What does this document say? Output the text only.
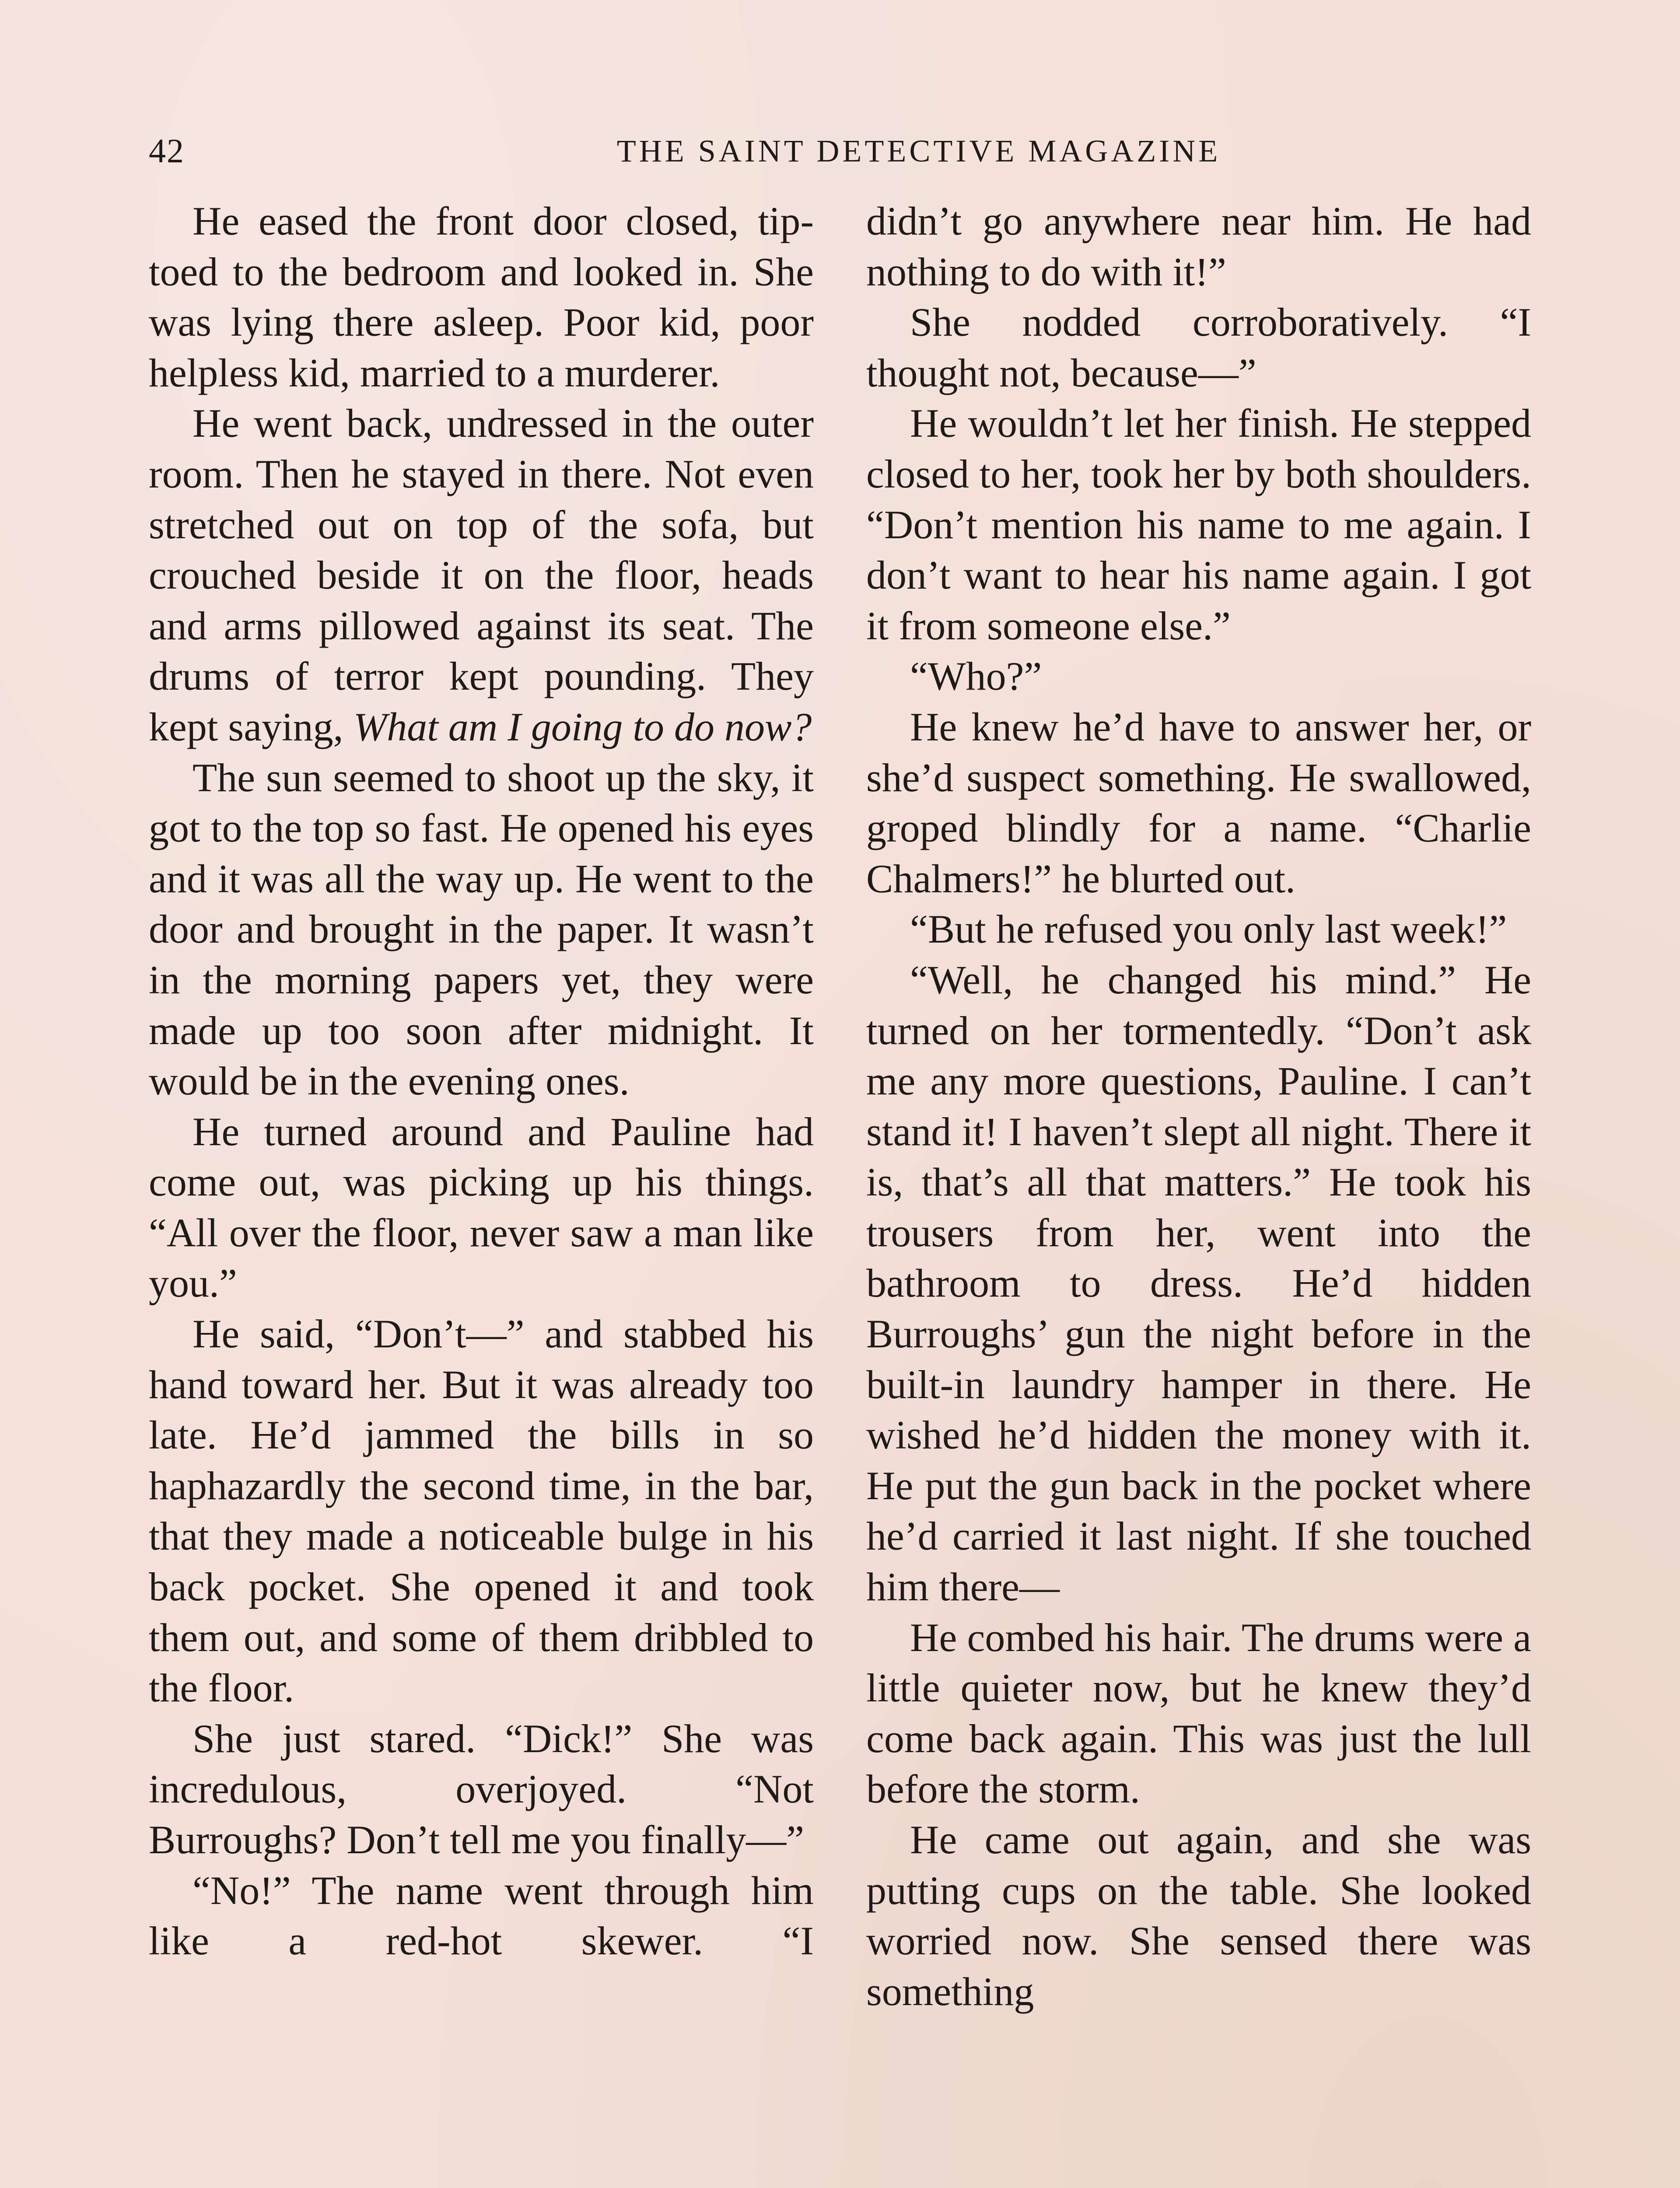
42	THE SAINT DETECTIVE MAGAZINE

He eased the front door closed, tip-toed to the bedroom and looked in. She was lying there asleep. Poor kid, poor helpless kid, married to a murderer.

He went back, undressed in the outer room. Then he stayed in there. Not even stretched out on top of the sofa, but crouched beside it on the floor, heads and arms pillowed against its seat. The drums of terror kept pounding. They kept saying, What am I going to do now?

The sun seemed to shoot up the sky, it got to the top so fast. He opened his eyes and it was all the way up. He went to the door and brought in the paper. It wasn’t in the morning papers yet, they were made up too soon after midnight. It would be in the evening ones.

He turned around and Pauline had come out, was picking up his things. “All over the floor, never saw a man like you.”

He said, “Don’t—” and stabbed his hand toward her. But it was already too late. He’d jammed the bills in so haphazardly the second time, in the bar, that they made a noticeable bulge in his back pocket. She opened it and took them out, and some of them dribbled to the floor.

She just stared. “Dick!” She was incredulous, overjoyed. “Not Burroughs? Don’t tell me you finally—”

“No!” The name went through him like a red-hot skewer. “I

didn’t go anywhere near him. He had nothing to do with it!”

She nodded corroboratively. “I thought not, because—”

He wouldn’t let her finish. He stepped closed to her, took her by both shoulders. “Don’t mention his name to me again. I don’t want to hear his name again. I got it from someone else.”

“Who?”

He knew he’d have to answer her, or she’d suspect something. He swallowed, groped blindly for a name. “Charlie Chalmers!” he blurted out.

“But he refused you only last week!”

“Well, he changed his mind.” He turned on her tormentedly. “Don’t ask me any more questions, Pauline. I can’t stand it! I haven’t slept all night. There it is, that’s all that matters.” He took his trousers from her, went into the bathroom to dress. He’d hidden Burroughs’ gun the night before in the built-in laundry hamper in there. He wished he’d hidden the money with it. He put the gun back in the pocket where he’d carried it last night. If she touched him there—

He combed his hair. The drums were a little quieter now, but he knew they’d come back again. This was just the lull before the storm.

He came out again, and she was putting cups on the table. She looked worried now. She sensed there was something
